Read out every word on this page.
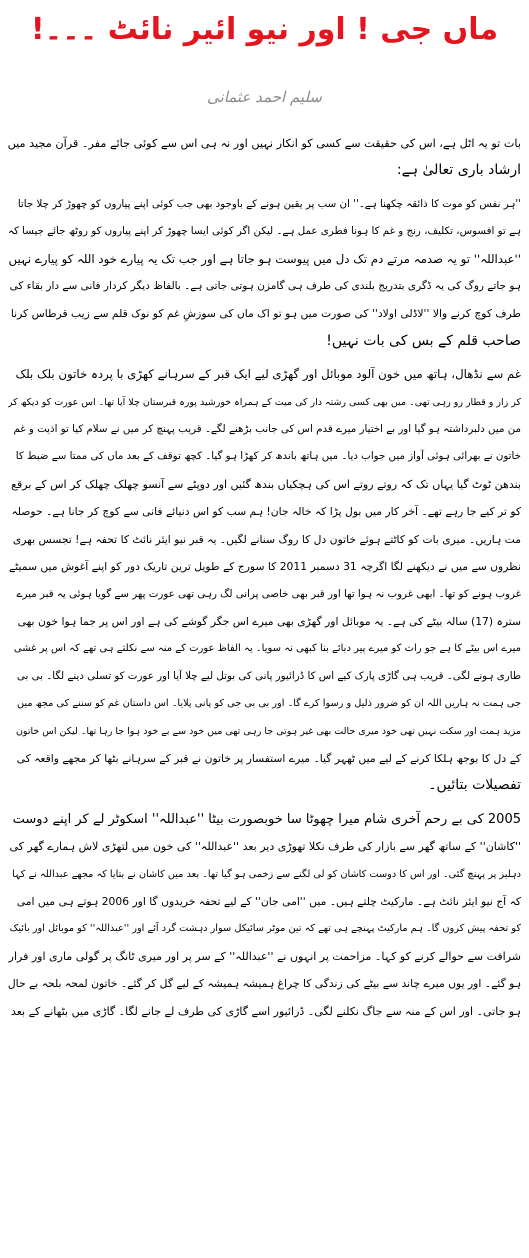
ماں جی ! اور نیو ائیر نائٹ ۔۔۔!
سلیم احمد عثمانی
بات تو یہ اٹل ہے، اس کی حقیقت سے کسی کو انکار نہیں اور نہ ہی اس سے کوئی جائے مفر۔ قرآن مجید میں
ارشاد باری تعالیٰ ہے:
''ہر نفس کو موت کا ذائقہ چکھنا ہے۔'' ان سب پر یقین ہونے کے باوجود بھی جب کوئی اپنے پیاروں کو چھوڑ کر چلا جاتا
ہے تو افسوس، تکلیف، رنج و غم کا ہونا فطری عمل ہے۔ لیکن اگر کوئی ایسا چھوڑ کر اپنے پیاروں کو روٹھ جائے جیسا کہ
''عبداللہ'' تو یہ صدمہ مرتے دم تک دل میں پیوست ہو جاتا ہے اور جب تک یہ پیارے خود اللہ کو پیارے نہیں
ہو جاتے روگ کی یہ ڈگری بتدریج بلندی کی طرف ہی گامزن ہوتی جاتی ہے۔ بالفاظ دیگر کردار فانی سے دار بقاء کی
طرف کوچ کرنے والا ''لاڈلی اولاد'' کی صورت میں ہو تو اک ماں کی سوزشِ غم کو نوک قلم سے زیب قرطاس کرنا
صاحب قلم کے بس کی بات نہیں!
غم سے نڈھال، ہاتھ میں خون آلود موبائل اور گھڑی لیے ایک قبر کے سرہانے کھڑی با پردہ خاتون بلک بلک
کر زار و قطار رو رہی تھی۔ میں بھی کسی رشتہ دار کی میت کے ہمراہ خورشید پورہ قبرستان چلا آیا تھا۔ اس عورت کو دیکھ کر
من میں دلبرداشتہ ہو گیا اور بے اختیار میرے قدم اس کی جانب بڑھنے لگے۔ قریب پہنچ کر میں نے سلام کیا تو اذیت و غم
خاتون نے بھرائی ہوئی آواز میں جواب دیا۔ میں ہاتھ باندھ کر کھڑا ہو گیا۔ کچھ توقف کے بعد ماں کی ممتا سے ضبط کا
بندھن ٹوٹ گیا یہاں تک کہ روتے روتے اس کی ہچکیاں بندھ گئیں اور دوپٹے سے آنسو چھلک چھلک کر اس کے برقع
کو تر کیے جا رہے تھے۔ آخر کار میں بول پڑا کہ خالہ جان! ہم سب کو اس دنیائے فانی سے کوچ کر جانا ہے۔ حوصلہ
مت ہاریں۔ میری بات کو کاٹتے ہوئے خاتون دل کا روگ سنانے لگیں۔ یہ قبر نیو ایئر نائٹ کا تحفہ ہے! تجسس بھری
نظروں سے میں نے دیکھنے لگا اگرچہ 31 دسمبر 2011 کا سورج کے طویل ترین تاریک دور کو اپنے آغوش میں سمیٹے
غروب ہونے کو تھا۔ ابھی غروب نہ ہوا تھا اور قبر بھی خاصی پرانی لگ رہی تھی عورت پھر سے گویا ہوئی یہ قبر میرے
سترہ (17) سالہ بیٹے کی ہے۔ یہ موبائل اور گھڑی بھی میرے اس جگر گوشے کی ہے اور اس پر جما ہوا خون بھی
میرے اس بیٹے کا ہے جو رات کو میرے پیر دبائے بنا کبھی نہ سویا۔ یہ الفاظ عورت کے منہ سے نکلتے ہی تھے کہ اس پر غشی
طاری ہونے لگی۔ قریب ہی گاڑی پارک کیے اس کا ڈرائیور پانی کی بوتل لیے چلا آیا اور عورت کو تسلی دینے لگا۔ بی بی
جی ہمت نہ ہاریں اللہ ان کو ضرور ذلیل و رسوا کرے گا۔ اور بی بی جی کو پانی پلایا۔ اس داستان غم کو سننے کی مجھ میں
مزید ہمت اور سکت نہیں تھی خود میری حالت بھی غیر ہوتی جا رہی تھی میں خود سے بے خود ہوا جا رہا تھا۔ لیکن اس خاتون
کے دل کا بوجھ ہلکا کرنے کے لیے میں ٹھہر گیا۔ میرے استفسار پر خاتون نے قبر کے سرہانے بٹھا کر مجھے واقعہ کی
تفصیلات بتائیں۔
2005 کی بے رحم آخری شام میرا چھوٹا سا خوبصورت بیٹا ''عبداللہ'' اسکوٹر لے کر اپنے دوست
''کاشان'' کے ساتھ گھر سے بازار کی طرف نکلا تھوڑی دیر بعد ''عبداللہ'' کی خون میں لتھڑی لاش ہمارے گھر کی
دہلیز پر پہنچ گئی۔ اور اس کا دوست کاشان کو لی لگنے سے زخمی ہو گیا تھا۔ بعد میں کاشان نے بتایا کہ مجھے عبداللہ نے کہا
کہ آج نیو ایئر نائٹ ہے۔ مارکیٹ چلتے ہیں۔ میں ''امی جان'' کے لیے تحفہ خریدوں گا اور 2006 ہوتے ہی میں امی
کو تحفہ پیش کروں گا۔ ہم مارکیٹ پہنچے ہی تھے کہ تین موٹر سائیکل سوار دہشت گرد آئے اور ''عبداللہ'' کو موبائل اور بائیک
شرافت سے حوالے کرنے کو کہا۔ مزاحمت پر انہوں نے ''عبداللہ'' کے سر پر اور میری ٹانگ پر گولی ماری اور فرار
ہو گئے۔ اور یوں میرے چاند سے بیٹے کی زندگی کا چراغ ہمیشہ ہمیشہ کے لیے گل کر گئے۔ خاتون لمحہ بلحہ بے حال
ہو جاتی۔ اور اس کے منہ سے جاگ نکلنے لگی۔ ڈرائیور اسے گاڑی کی طرف لے جانے لگا۔ گاڑی میں بٹھانے کے بعد
